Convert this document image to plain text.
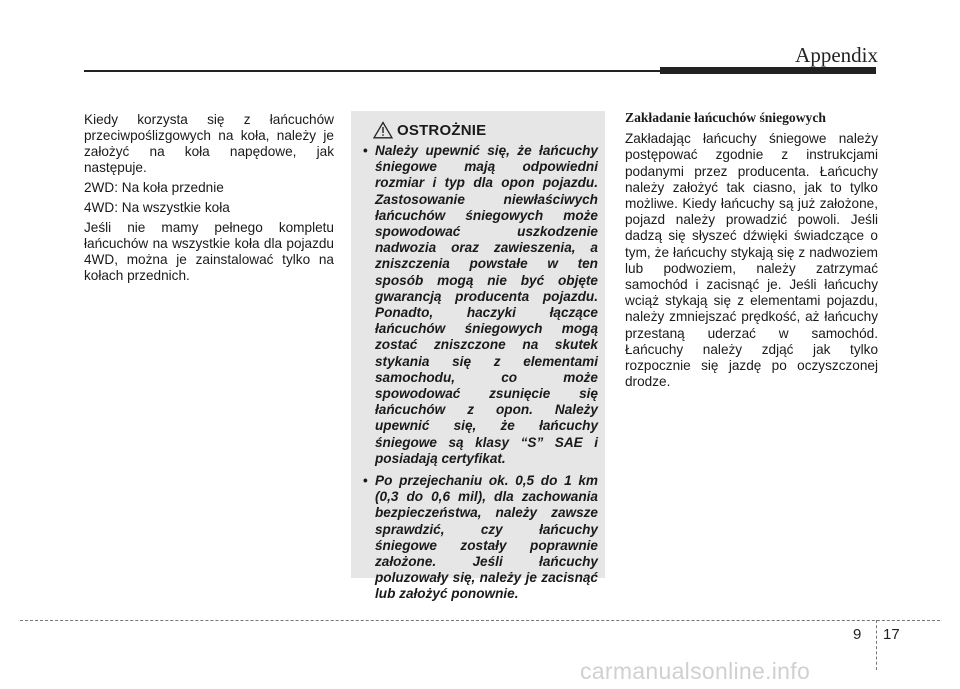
Appendix

Kiedy korzysta się z łańcuchów przeciwpoślizgowych na koła, należy je założyć na koła napędowe, jak następuje.

2WD: Na koła przednie

4WD: Na wszystkie koła

Jeśli nie mamy pełnego kompletu łańcuchów na wszystkie koła dla pojazdu 4WD, można je zainstalować tylko na kołach przednich.

OSTROŻNIE
• Należy upewnić się, że łańcuchy śniegowe mają odpowiedni rozmiar i typ dla opon pojazdu. Zastosowanie niewłaściwych łańcuchów śniegowych może spowodować uszkodzenie nadwozia oraz zawieszenia, a zniszczenia powstałe w ten sposób mogą nie być objęte gwarancją producenta pojazdu. Ponadto, haczyki łączące łańcuchów śniegowych mogą zostać zniszczone na skutek stykania się z elementami samochodu, co może spowodować zsunięcie się łańcuchów z opon. Należy upewnić się, że łańcuchy śniegowe są klasy “S” SAE i posiadają certyfikat.
• Po przejechaniu ok. 0,5 do 1 km (0,3 do 0,6 mil), dla zachowania bezpieczeństwa, należy zawsze sprawdzić, czy łańcuchy śniegowe zostały poprawnie założone. Jeśli łańcuchy poluzowały się, należy je zacisnąć lub założyć ponownie.
Zakładanie łańcuchów śniegowych

Zakładając łańcuchy śniegowe należy postępować zgodnie z instrukcjami podanymi przez producenta. Łańcuchy należy założyć tak ciasno, jak to tylko możliwe. Kiedy łańcuchy są już założone, pojazd należy prowadzić powoli. Jeśli dadzą się słyszeć dźwięki świadczące o tym, że łańcuchy stykają się z nadwoziem lub podwoziem, należy zatrzymać samochód i zacisnąć je. Jeśli łańcuchy wciąż stykają się z elementami pojazdu, należy zmniejszać prędkość, aż łańcuchy przestaną uderzać w samochód. Łańcuchy należy zdjąć jak tylko rozpocznie się jazdę po oczyszczonej drodze.

9 17
carmanualsonline.info
